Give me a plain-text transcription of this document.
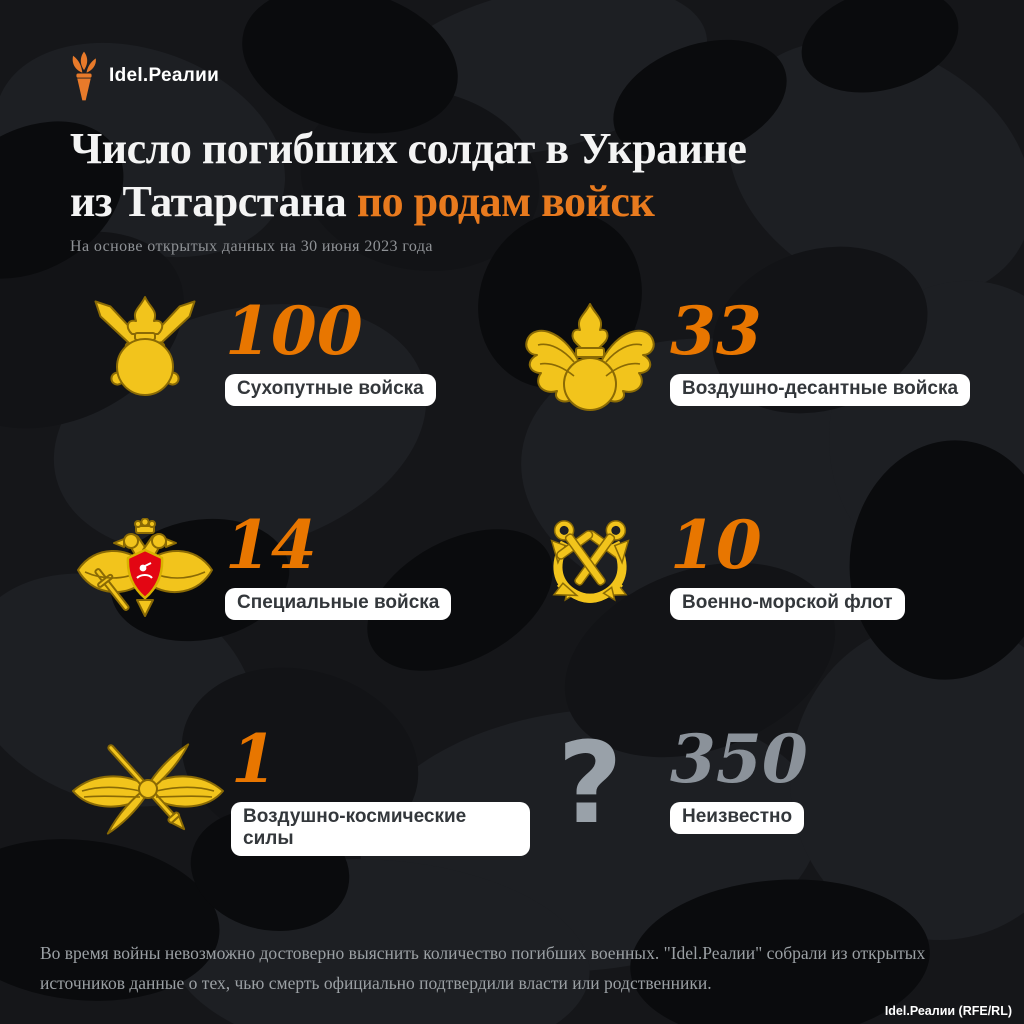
Idel.Реалии
Число погибших солдат в Украине
из Татарстана по родам войск

На основе открытых данных на 30 июня 2023 года

100
Сухопутные войска
33
Воздушно-десантные войска
14
Специальные войска
10
Военно-морской флот
1
Воздушно-космические силы	? 350
Неизвестно

Во время войны невозможно достоверно выяснить количество погибших военных. "Idel.Реалии" собрали из открытых источников данные о тех, чью смерть официально подтвердили власти или родственники.

Idel.Реалии (RFE/RL)
